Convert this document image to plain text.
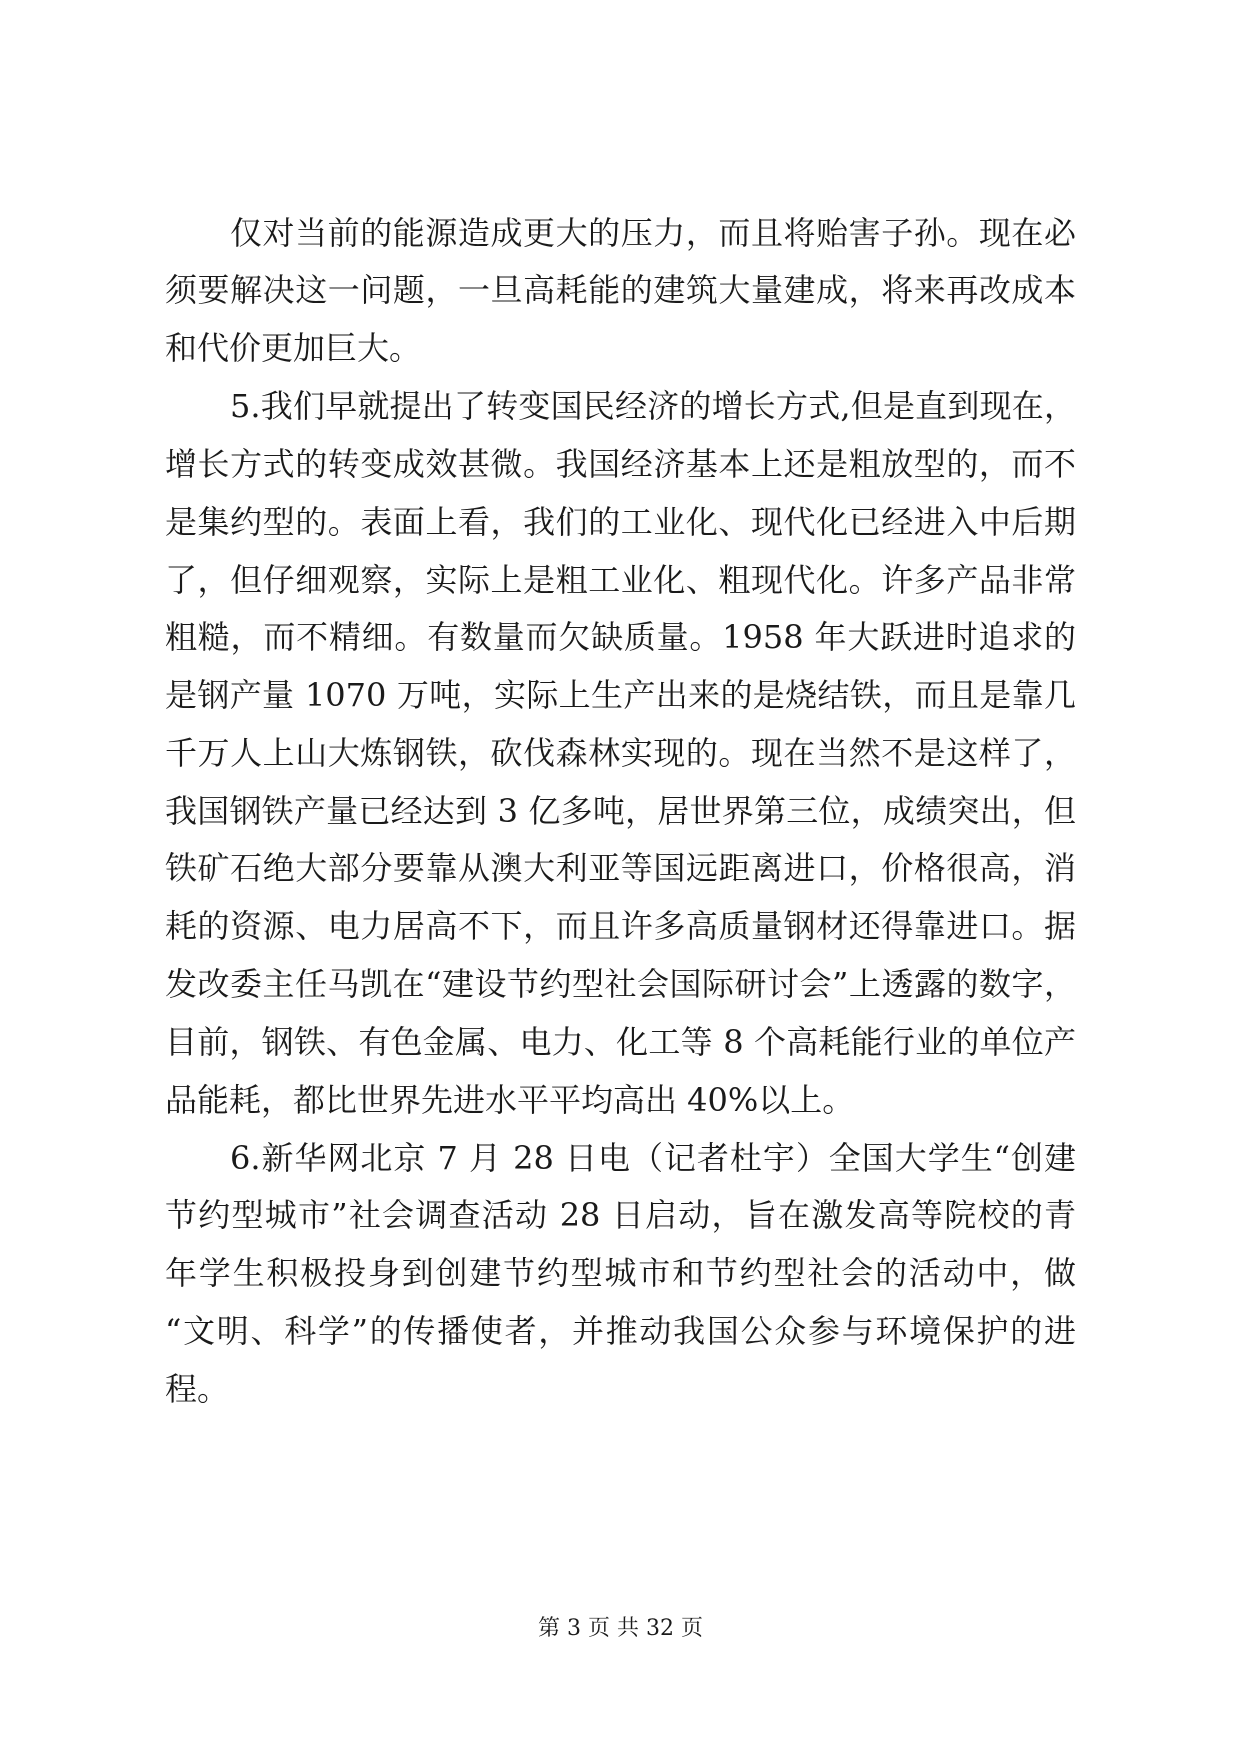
仅对当前的能源造成更大的压力，而且将贻害子孙。现在必

须要解决这一问题，一旦高耗能的建筑大量建成，将来再改成本

和代价更加巨大。

5.我们早就提出了转变国民经济的增长方式,但是直到现在，

增长方式的转变成效甚微。我国经济基本上还是粗放型的，而不

是集约型的。表面上看，我们的工业化、现代化已经进入中后期

了，但仔细观察，实际上是粗工业化、粗现代化。许多产品非常

粗糙，而不精细。有数量而欠缺质量。1958 年大跃进时追求的

是钢产量 1070 万吨，实际上生产出来的是烧结铁，而且是靠几

千万人上山大炼钢铁，砍伐森林实现的。现在当然不是这样了，

我国钢铁产量已经达到 3 亿多吨，居世界第三位，成绩突出，但

铁矿石绝大部分要靠从澳大利亚等国远距离进口，价格很高，消

耗的资源、电力居高不下，而且许多高质量钢材还得靠进口。据

发改委主任马凯在“建设节约型社会国际研讨会”上透露的数字，

目前，钢铁、有色金属、电力、化工等 8 个高耗能行业的单位产

品能耗，都比世界先进水平平均高出 40%以上。

6.新华网北京 7 月 28 日电（记者杜宇）全国大学生“创建

节约型城市”社会调查活动 28 日启动，旨在激发高等院校的青

年学生积极投身到创建节约型城市和节约型社会的活动中，做

“文明、科学”的传播使者，并推动我国公众参与环境保护的进

程。

第 3 页 共 32 页
